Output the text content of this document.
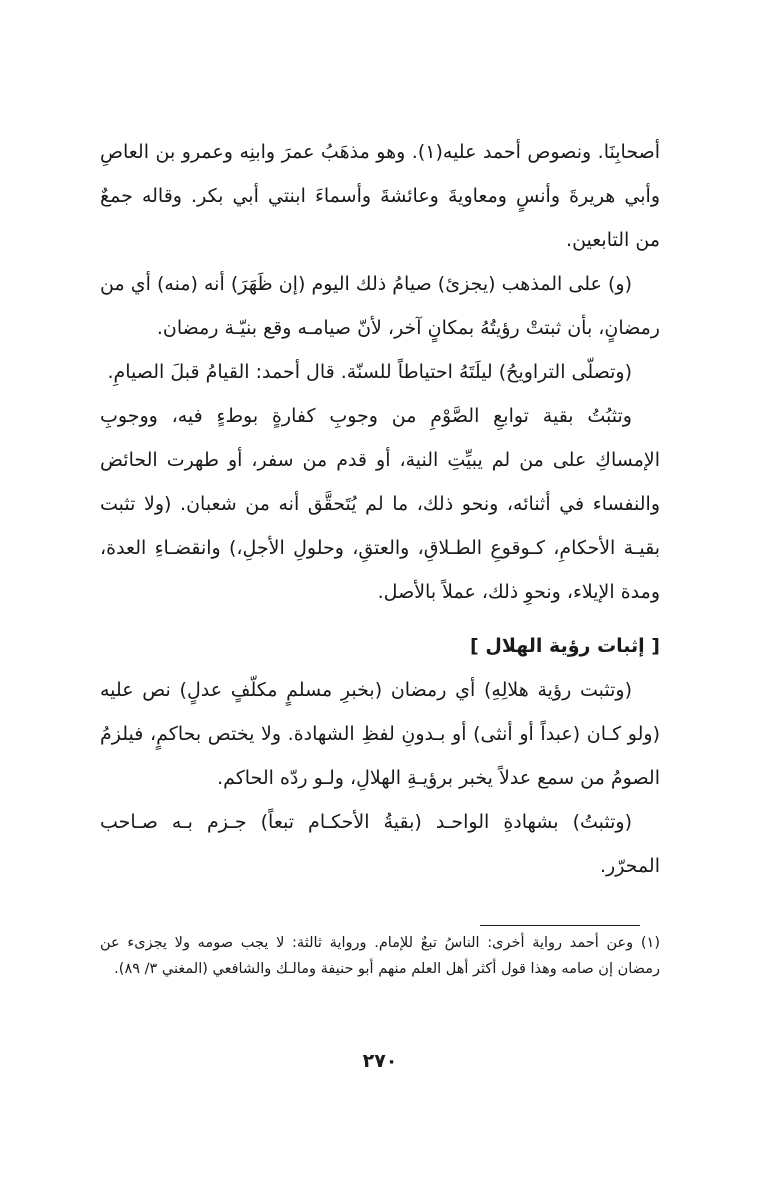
أصحابِنَا. ونصوص أحمد عليه(١). وهو مذهَبُ عمرَ وابنِه وعمرو بن العاصِ وأبي هريرةَ وأنسٍ ومعاويةَ وعائشةَ وأسماءَ ابنتي أبي بكر. وقاله جمعٌ من التابعين.

(و) على المذهب (يجزئ) صيامُ ذلك اليوم (إن ظَهَرَ) أنه (منه) أي من رمضانٍ، بأن ثبتتْ رؤيتُهُ بمكانٍ آخر، لأنّ صيامـه وقع بنيّـة رمضان.

(وتصلّى التراويحُ) ليلَتَهُ احتياطاً للسنّة. قال أحمد: القيامُ قبلَ الصيامِ.

وتثبُتُ بقية توابعِ الصَّوْمِ من وجوبِ كفارةٍ بوطءٍ فيه، ووجوبِ الإمساكِ على من لم يبيِّتِ النية، أو قدم من سفر، أو طهرت الحائض والنفساء في أثنائه، ونحو ذلك، ما لم يُتَحقَّق أنه من شعبان. (ولا تثبت بقيـة الأحكامِ، كـوقوعِ الطـلاقِ، والعتقِ، وحلولِ الأجلِ،) وانقضـاءِ العدة، ومدة الإيلاء، ونحوِ ذلك، عملاً بالأصل.

[ إثبات رؤية الهلال ]

(وتثبت رؤية هلالِهِ) أي رمضان (بخبرِ مسلمٍ مكلّفٍ عدلٍ) نص عليه (ولو كـان (عبداً أو أنثى) أو بـدونِ لفظِ الشهادة. ولا يختص بحاكمٍ، فيلزمُ الصومُ من سمع عدلاً يخبر برؤيـةِ الهلالِ، ولـو ردّه الحاكم.

(وتثبتُ) بشهادةِ الواحـد (بقيةُ الأحكـام تبعاً) جـزم بـه صـاحب المحرّر.

(١) وعن أحمد رواية أخرى: الناسُ تبعٌ للإمام. ورواية ثالثة: لا يجب صومه ولا يجزىء عن رمضان إن صامه وهذا قول أكثر أهل العلم منهم أبو حنيفة ومالـك والشافعي (المغني ٣/ ٨٩).

٢٧٠
